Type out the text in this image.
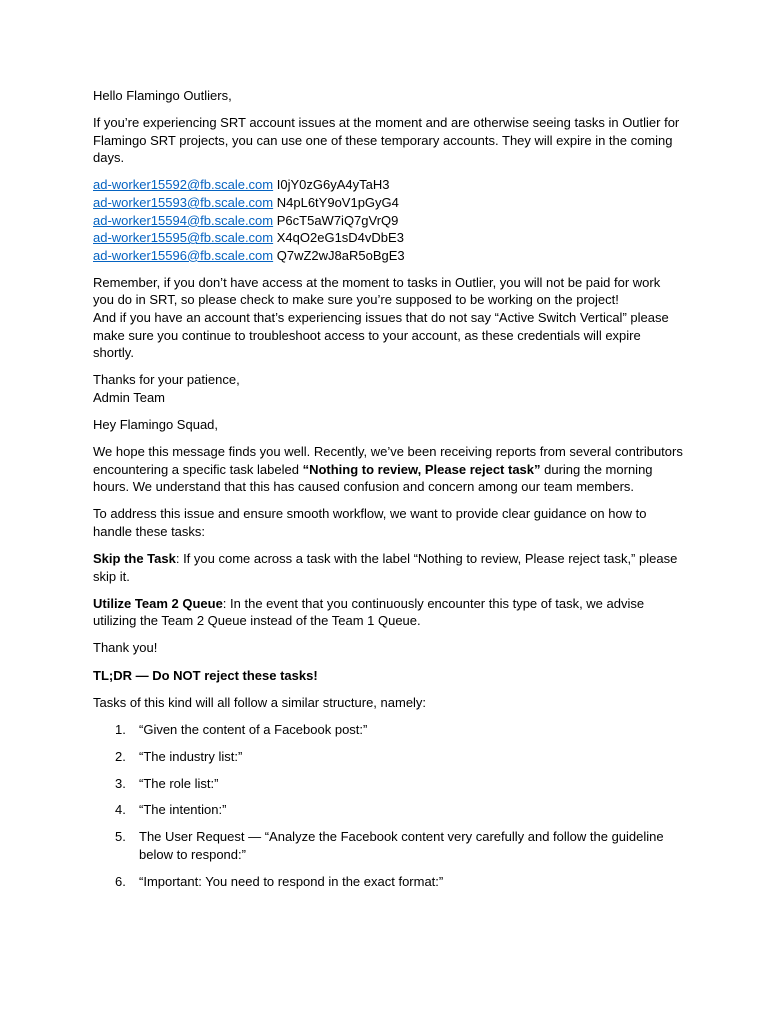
Hello Flamingo Outliers,

If you’re experiencing SRT account issues at the moment and are otherwise seeing tasks in Outlier for Flamingo SRT projects, you can use one of these temporary accounts. They will expire in the coming days.

ad-worker15592@fb.scale.com I0jY0zG6yA4yTaH3
ad-worker15593@fb.scale.com N4pL6tY9oV1pGyG4
ad-worker15594@fb.scale.com P6cT5aW7iQ7gVrQ9
ad-worker15595@fb.scale.com X4qO2eG1sD4vDbE3
ad-worker15596@fb.scale.com Q7wZ2wJ8aR5oBgE3

Remember, if you don’t have access at the moment to tasks in Outlier, you will not be paid for work you do in SRT, so please check to make sure you’re supposed to be working on the project!
And if you have an account that’s experiencing issues that do not say “Active Switch Vertical” please make sure you continue to troubleshoot access to your account, as these credentials will expire shortly.

Thanks for your patience,
Admin Team

Hey Flamingo Squad,

We hope this message finds you well. Recently, we’ve been receiving reports from several contributors encountering a specific task labeled “Nothing to review, Please reject task” during the morning hours. We understand that this has caused confusion and concern among our team members.

To address this issue and ensure smooth workflow, we want to provide clear guidance on how to handle these tasks:

Skip the Task: If you come across a task with the label “Nothing to review, Please reject task,” please skip it.

Utilize Team 2 Queue: In the event that you continuously encounter this type of task, we advise utilizing the Team 2 Queue instead of the Team 1 Queue.

Thank you!

TL;DR — Do NOT reject these tasks!

Tasks of this kind will all follow a similar structure, namely:

1. “Given the content of a Facebook post:”
2. “The industry list:”
3. “The role list:”
4. “The intention:”
5. The User Request — “Analyze the Facebook content very carefully and follow the guideline below to respond:”
6. “Important: You need to respond in the exact format:”
